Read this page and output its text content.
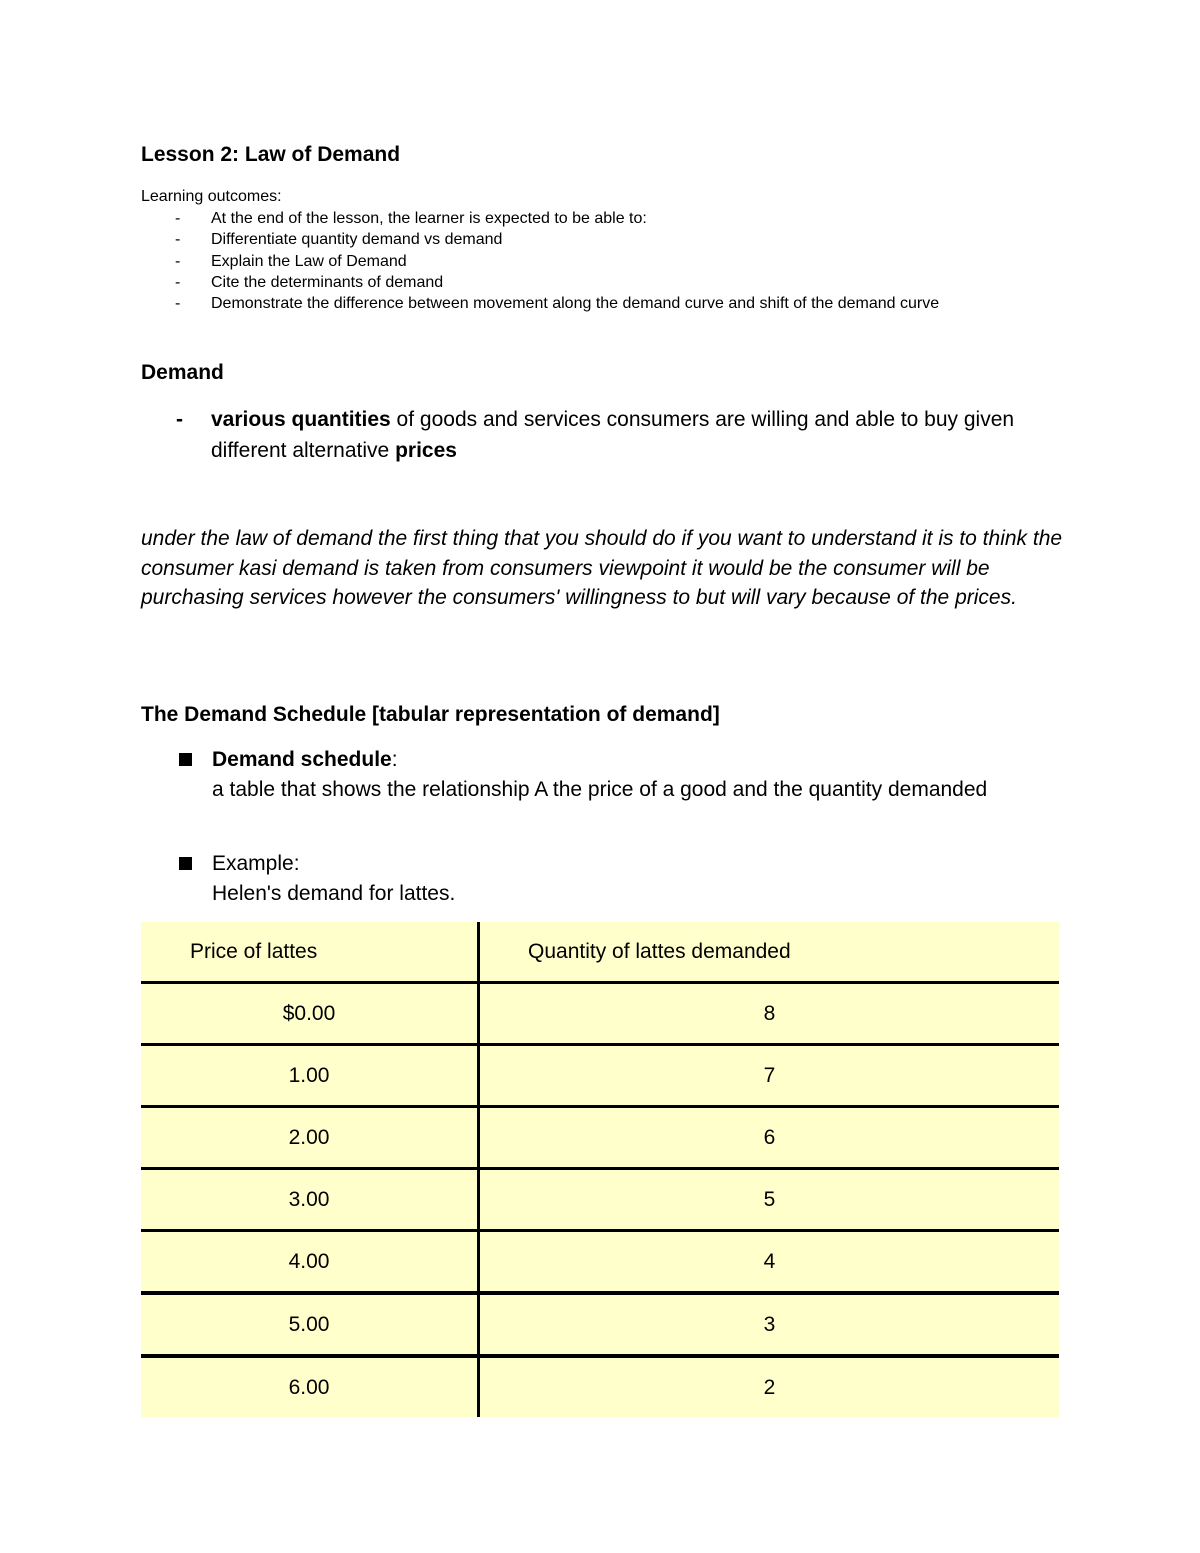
Lesson 2: Law of Demand
Learning outcomes:
- At the end of the lesson, the learner is expected to be able to:
- Differentiate quantity demand vs demand
- Explain the Law of Demand
- Cite the determinants of demand
- Demonstrate the difference between movement along the demand curve and shift of the demand curve
Demand
- various quantities of goods and services consumers are willing and able to buy given different alternative prices
under the law of demand the first thing that you should do if you want to understand it is to think the consumer kasi demand is taken from consumers viewpoint it would be the consumer will be purchasing services however the consumers' willingness to but will vary because of the prices.
The Demand Schedule [tabular representation of demand]
Demand schedule:
a table that shows the relationship A the price of a good and the quantity demanded
Example:
Helen's demand for lattes.
Price of lattes	Quantity of lattes demanded
$0.00	8
1.00	7
2.00	6
3.00	5
4.00	4
5.00	3
6.00	2
